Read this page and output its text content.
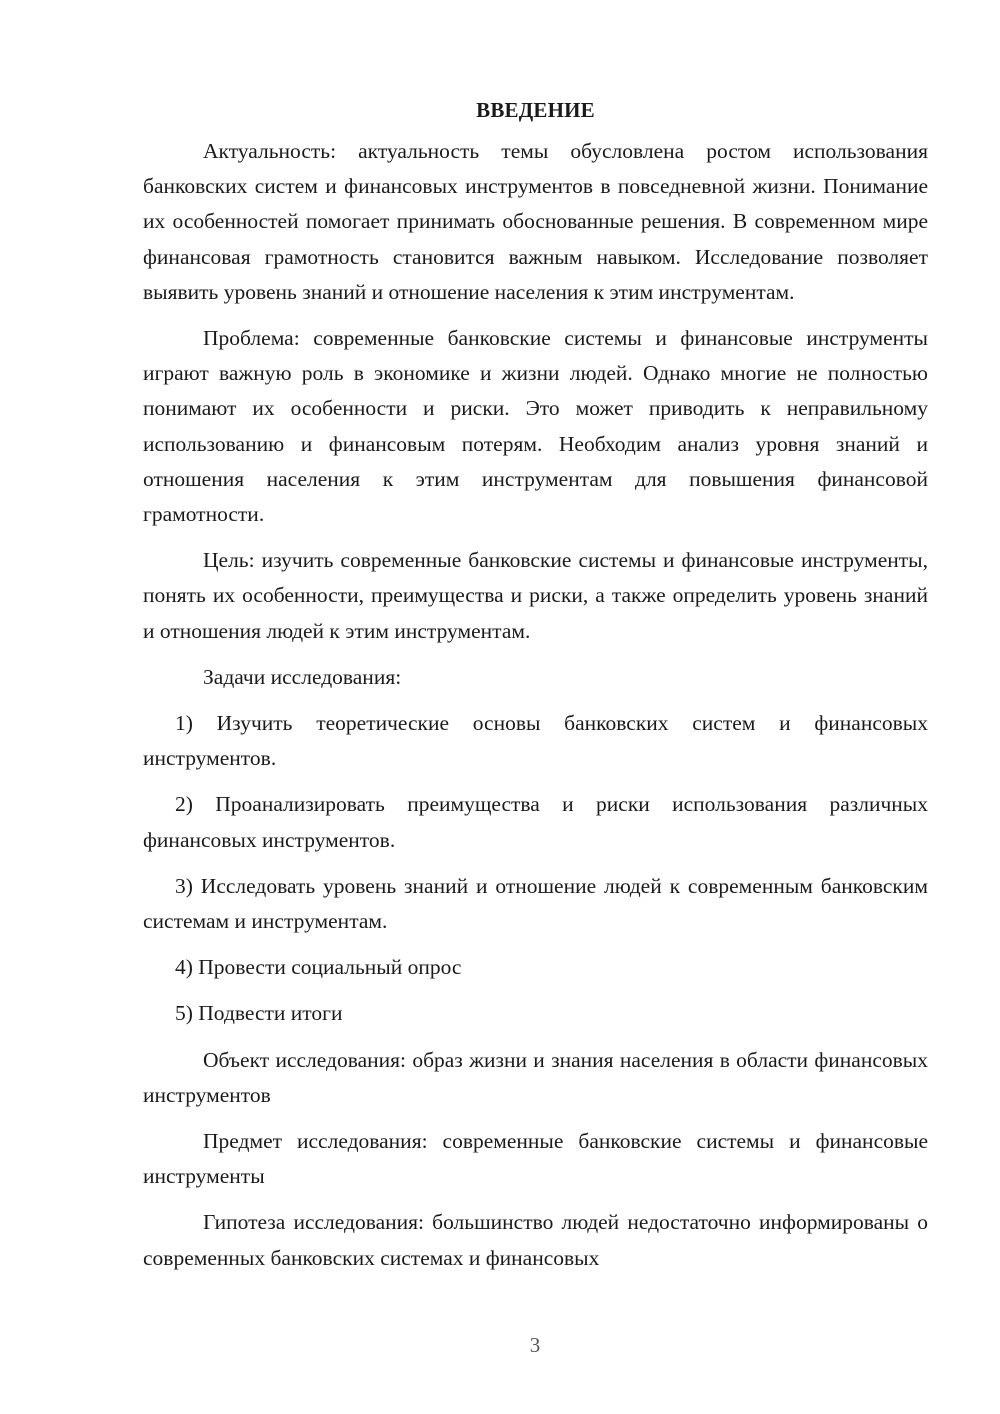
ВВЕДЕНИЕ

Актуальность: актуальность темы обусловлена ростом использования банковских систем и финансовых инструментов в повседневной жизни. Понимание их особенностей помогает принимать обоснованные решения. В современном мире финансовая грамотность становится важным навыком. Исследование позволяет выявить уровень знаний и отношение населения к этим инструментам.

Проблема: современные банковские системы и финансовые инструменты играют важную роль в экономике и жизни людей. Однако многие не полностью понимают их особенности и риски. Это может приводить к неправильному использованию и финансовым потерям. Необходим анализ уровня знаний и отношения населения к этим инструментам для повышения финансовой грамотности.

Цель: изучить современные банковские системы и финансовые инструменты, понять их особенности, преимущества и риски, а также определить уровень знаний и отношения людей к этим инструментам.

Задачи исследования:

1) Изучить теоретические основы банковских систем и финансовых инструментов.

2) Проанализировать преимущества и риски использования различных финансовых инструментов.

3) Исследовать уровень знаний и отношение людей к современным банковским системам и инструментам.

4) Провести социальный опрос

5) Подвести итоги

Объект исследования: образ жизни и знания населения в области финансовых инструментов

Предмет исследования: современные банковские системы и финансовые инструменты

Гипотеза исследования: большинство людей недостаточно информированы о современных банковских системах и финансовых

3
